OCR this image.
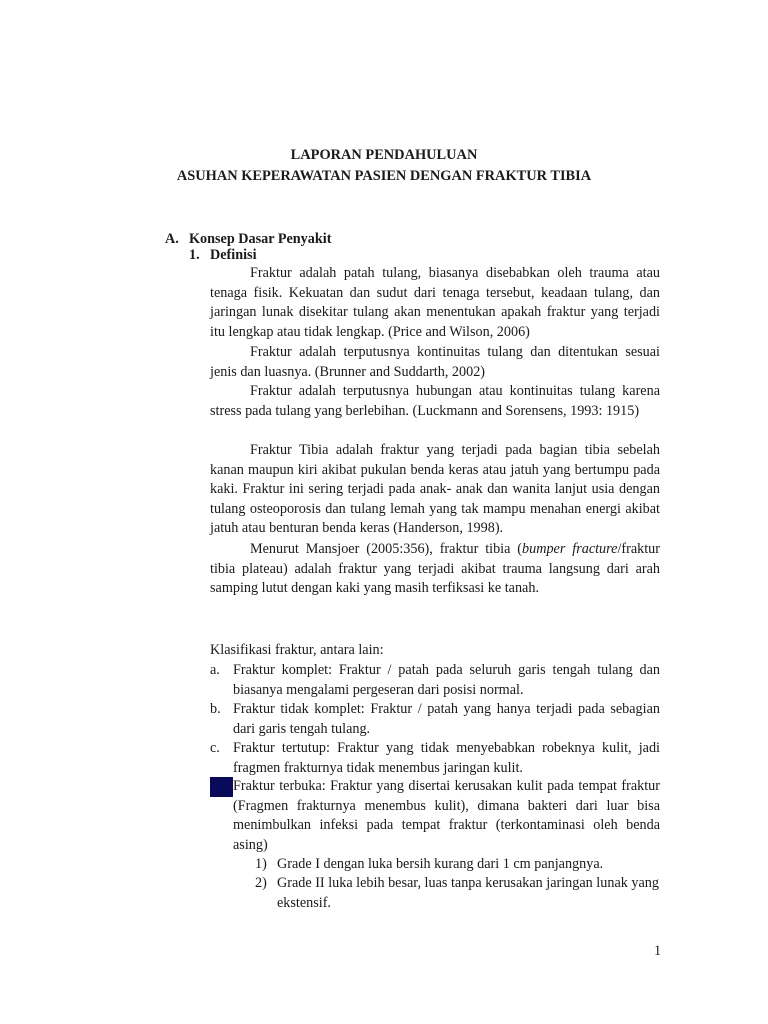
LAPORAN PENDAHULUAN
ASUHAN KEPERAWATAN PASIEN DENGAN FRAKTUR TIBIA
A. Konsep Dasar Penyakit
1. Definisi
Fraktur adalah patah tulang, biasanya disebabkan oleh trauma atau tenaga fisik. Kekuatan dan sudut dari tenaga tersebut, keadaan tulang, dan jaringan lunak disekitar tulang akan menentukan apakah fraktur yang terjadi itu lengkap atau tidak lengkap. (Price and Wilson, 2006)
Fraktur adalah terputusnya kontinuitas tulang dan ditentukan sesuai jenis dan luasnya. (Brunner and Suddarth, 2002)
Fraktur adalah terputusnya hubungan atau kontinuitas tulang karena stress pada tulang yang berlebihan. (Luckmann and Sorensens, 1993: 1915)
Fraktur Tibia adalah fraktur yang terjadi pada bagian tibia sebelah kanan maupun kiri akibat pukulan benda keras atau jatuh yang bertumpu pada kaki. Fraktur ini sering terjadi pada anak- anak dan wanita lanjut usia dengan tulang osteoporosis dan tulang lemah yang tak mampu menahan energi akibat jatuh atau benturan benda keras (Handerson, 1998).
Menurut Mansjoer (2005:356), fraktur tibia (bumper fracture/fraktur tibia plateau) adalah fraktur yang terjadi akibat trauma langsung dari arah samping lutut dengan kaki yang masih terfiksasi ke tanah.
Klasifikasi fraktur, antara lain:
a. Fraktur komplet: Fraktur / patah pada seluruh garis tengah tulang dan biasanya mengalami pergeseran dari posisi normal.
b. Fraktur tidak komplet: Fraktur / patah yang hanya terjadi pada sebagian dari garis tengah tulang.
c. Fraktur tertutup: Fraktur yang tidak menyebabkan robeknya kulit, jadi fragmen frakturnya tidak menembus jaringan kulit.
d. Fraktur terbuka: Fraktur yang disertai kerusakan kulit pada tempat fraktur (Fragmen frakturnya menembus kulit), dimana bakteri dari luar bisa menimbulkan infeksi pada tempat fraktur (terkontaminasi oleh benda asing)
1) Grade I dengan luka bersih kurang dari 1 cm panjangnya.
2) Grade II luka lebih besar, luas tanpa kerusakan jaringan lunak yang ekstensif.
1
